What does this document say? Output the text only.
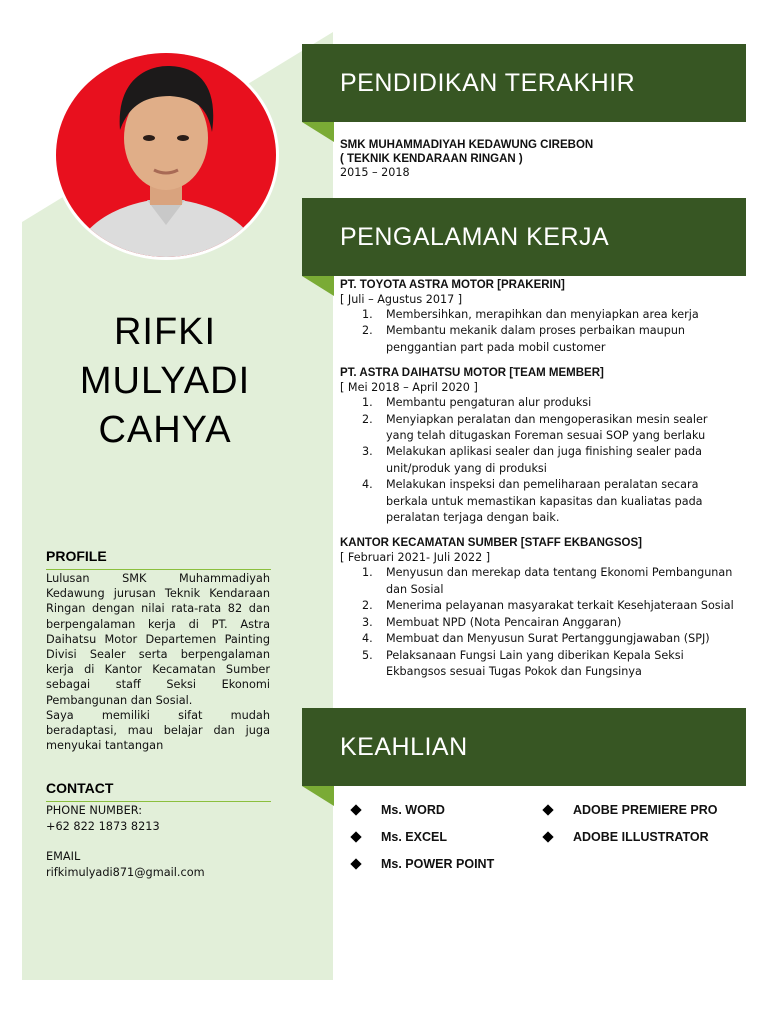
RIFKI
MULYADI
CAHYA
PROFILE

Lulusan SMK Muhammadiyah Kedawung jurusan Teknik Kendaraan Ringan dengan nilai rata-rata 82 dan berpengalaman kerja di PT. Astra Daihatsu Motor Departemen Painting Divisi Sealer serta berpengalaman kerja di Kantor Kecamatan Sumber sebagai staff Seksi Ekonomi Pembangunan dan Sosial.

Saya memiliki sifat mudah beradaptasi, mau belajar dan juga menyukai tantangan

CONTACT
PHONE NUMBER:
+62 822 1873 8213
EMAIL
rifkimulyadi871@gmail.com
PENDIDIKAN TERAKHIR
SMK MUHAMMADIYAH KEDAWUNG CIREBON
( TEKNIK KENDARAAN RINGAN )
2015 – 2018
PENGALAMAN KERJA
PT. TOYOTA ASTRA MOTOR [PRAKERIN]
[ Juli – Agustus 2017 ]
1. Membersihkan, merapihkan dan menyiapkan area kerja
2. Membantu mekanik dalam proses perbaikan maupun penggantian part pada mobil customer
PT. ASTRA DAIHATSU MOTOR [TEAM MEMBER]
[ Mei 2018 – April 2020 ]
1. Membantu pengaturan alur produksi
2. Menyiapkan peralatan dan mengoperasikan mesin sealer yang telah ditugaskan Foreman sesuai SOP yang berlaku
3. Melakukan aplikasi sealer dan juga finishing sealer pada unit/produk yang di produksi
4. Melakukan inspeksi dan pemeliharaan peralatan secara berkala untuk memastikan kapasitas dan kualiatas pada peralatan terjaga dengan baik.
KANTOR KECAMATAN SUMBER [STAFF EKBANGSOS]
[ Februari 2021- Juli 2022 ]
1. Menyusun dan merekap data tentang Ekonomi Pembangunan dan Sosial
2. Menerima pelayanan masyarakat terkait Kesehjateraan Sosial
3. Membuat NPD (Nota Pencairan Anggaran)
4. Membuat dan Menyusun Surat Pertanggungjawaban (SPJ)
5. Pelaksanaan Fungsi Lain yang diberikan Kepala Seksi Ekbangsos sesuai Tugas Pokok dan Fungsinya
KEAHLIAN
Ms. WORD
Ms. EXCEL
Ms. POWER POINT
ADOBE PREMIERE PRO
ADOBE ILLUSTRATOR
